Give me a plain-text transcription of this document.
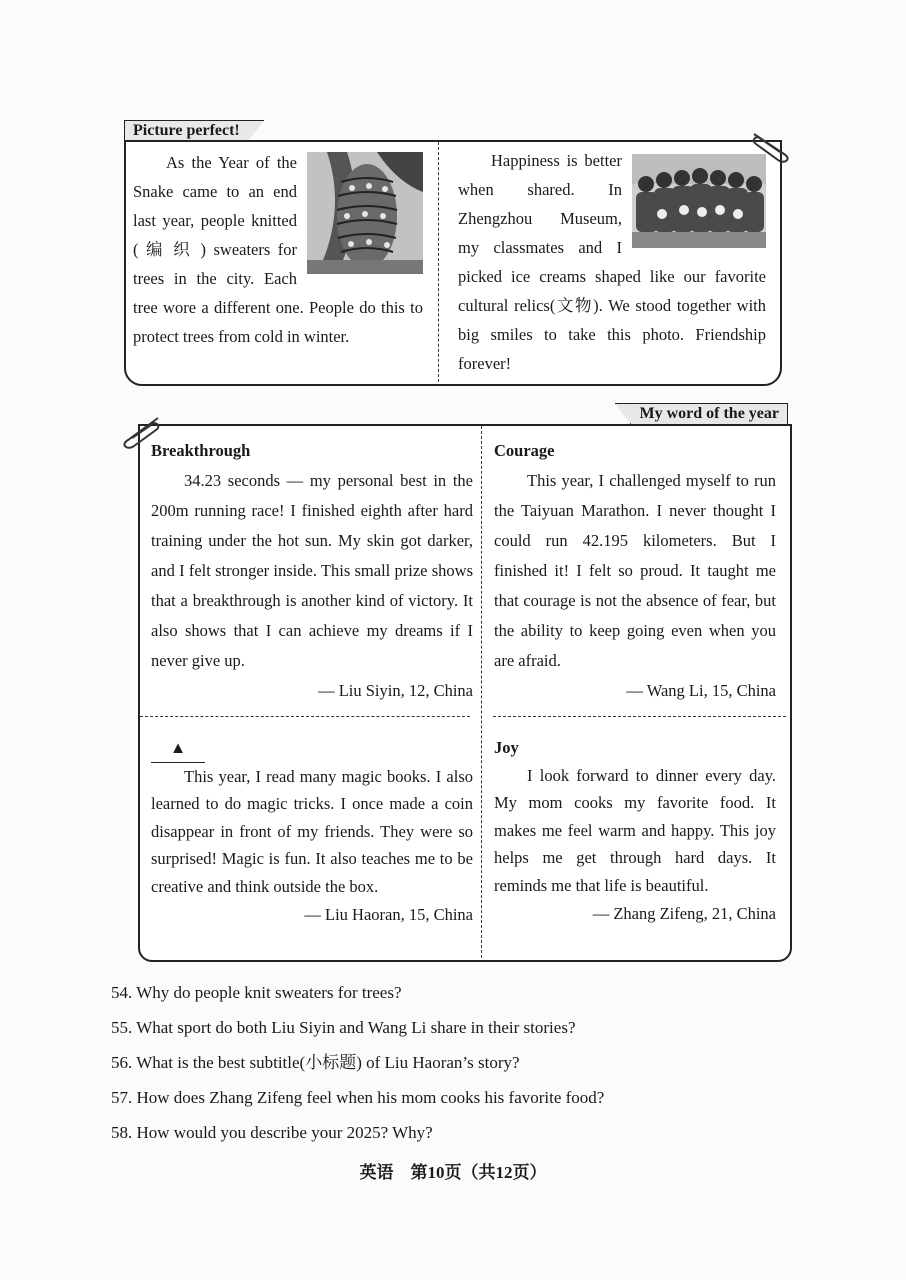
Picture perfect!

As the Year of the Snake came to an end last year, people knitted ( 编 织 ) sweaters for trees in the city. Each tree wore a different one. People do this to protect trees from cold in winter.

Happiness is better when shared. In Zhengzhou Museum, my classmates and I picked ice creams shaped like our favorite cultural relics(文物). We stood together with big smiles to take this photo. Friendship forever!

My word of the year

Breakthrough

34.23 seconds — my personal best in the 200m running race! I finished eighth after hard training under the hot sun. My skin got darker, and I felt stronger inside. This small prize shows that a breakthrough is another kind of victory. It also shows that I can achieve my dreams if I never give up.

— Liu Siyin, 12, China

Courage

This year, I challenged myself to run the Taiyuan Marathon. I never thought I could run 42.195 kilometers. But I finished it! I felt so proud. It taught me that courage is not the absence of fear, but the ability to keep going even when you are afraid.

— Wang Li, 15, China

▲

This year, I read many magic books. I also learned to do magic tricks. I once made a coin disappear in front of my friends. They were so surprised! Magic is fun. It also teaches me to be creative and think outside the box.

— Liu Haoran, 15, China

Joy

I look forward to dinner every day. My mom cooks my favorite food. It makes me feel warm and happy. This joy helps me get through hard days. It reminds me that life is beautiful.

— Zhang Zifeng, 21, China

54. Why do people knit sweaters for trees?
55. What sport do both Liu Siyin and Wang Li share in their stories?
56. What is the best subtitle(小标题) of Liu Haoran’s story?
57. How does Zhang Zifeng feel when his mom cooks his favorite food?
58. How would you describe your 2025? Why?
英语　第10页（共12页）
